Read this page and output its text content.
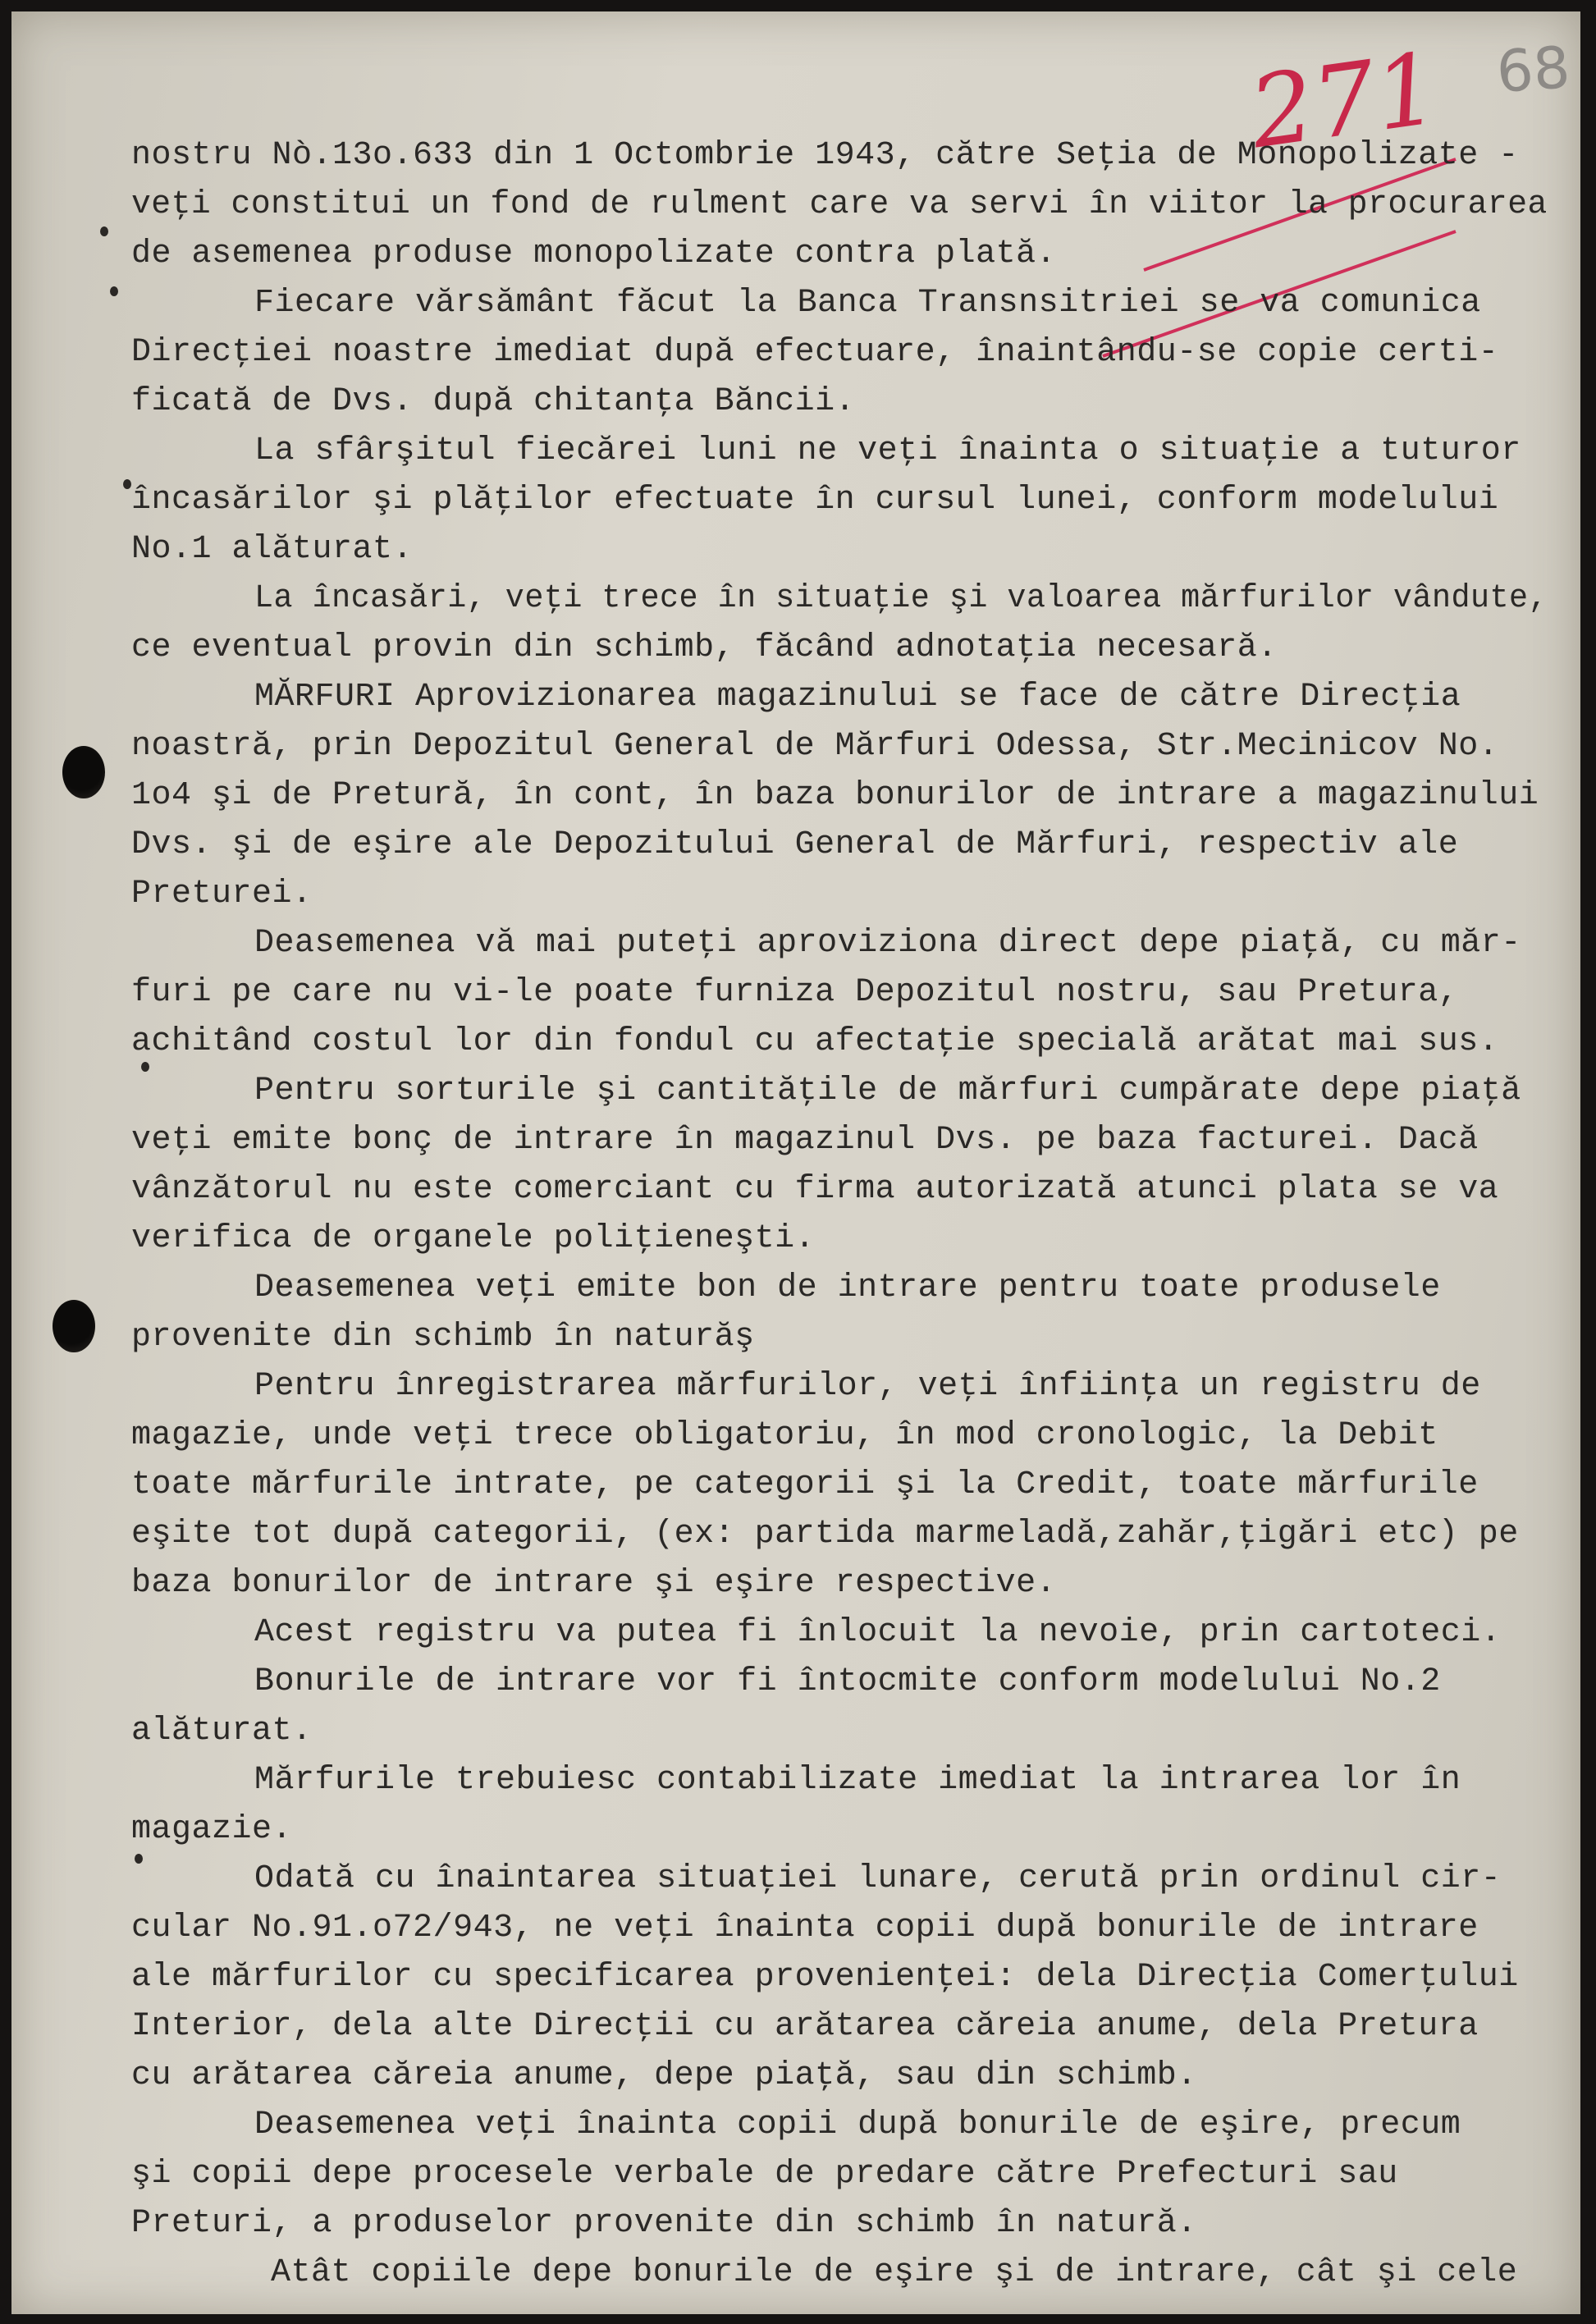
271 68
nostru Nò.13o.633 din 1 Octombrie 1943, către Seţia de Monopolizate -
veţi constitui un fond de rulment care va servi în viitor la procurarea
de asemenea produse monopolizate contra plată.
Fiecare vărsământ făcut la Banca Transnsitriei se va comunica
Direcţiei noastre imediat după efectuare, înaintându-se copie certi-
ficată de Dvs. după chitanţa Băncii.
La sfârşitul fiecărei luni ne veţi înainta o situaţie a tuturor
încasărilor şi plăţilor efectuate în cursul lunei, conform modelului
No.1 alăturat.
La încasări, veţi trece în situaţie şi valoarea mărfurilor vândute,
ce eventual provin din schimb, făcând adnotaţia necesară.
MĂRFURI Aprovizionarea magazinului se face de către Direcţia
noastră, prin Depozitul General de Mărfuri Odessa, Str.Mecinicov No.
1o4 şi de Pretură, în cont, în baza bonurilor de intrare a magazinului
Dvs. şi de eşire ale Depozitului General de Mărfuri, respectiv ale
Preturei.
Deasemenea vă mai puteţi aproviziona direct depe piaţă, cu măr-
furi pe care nu vi-le poate furniza Depozitul nostru, sau Pretura,
achitând costul lor din fondul cu afectaţie specială arătat mai sus.
Pentru sorturile şi cantităţile de mărfuri cumpărate depe piaţă
veţi emite bonç de intrare în magazinul Dvs. pe baza facturei. Dacă
vânzătorul nu este comerciant cu firma autorizată atunci plata se va
verifica de organele poliţieneşti.
Deasemenea veţi emite bon de intrare pentru toate produsele
provenite din schimb în naturăş
Pentru înregistrarea mărfurilor, veţi înfiinţa un registru de
magazie, unde veţi trece obligatoriu, în mod cronologic, la Debit
toate mărfurile intrate, pe categorii şi la Credit, toate mărfurile
eşite tot după categorii, (ex: partida marmeladă,zahăr,ţigări etc) pe
baza bonurilor de intrare şi eşire respective.
Acest registru va putea fi înlocuit la nevoie, prin cartoteci.
Bonurile de intrare vor fi întocmite conform modelului No.2
alăturat.
Mărfurile trebuiesc contabilizate imediat la intrarea lor în
magazie.
Odată cu înaintarea situaţiei lunare, cerută prin ordinul cir-
cular No.91.o72/943, ne veţi înainta copii după bonurile de intrare
ale mărfurilor cu specificarea provenienţei: dela Direcţia Comerţului
Interior, dela alte Direcţii cu arătarea căreia anume, dela Pretura
cu arătarea căreia anume, depe piaţă, sau din schimb.
Deasemenea veţi înainta copii după bonurile de eşire, precum
şi copii depe procesele verbale de predare către Prefecturi sau
Preturi, a produselor provenite din schimb în natură.
Atât copiile depe bonurile de eşire şi de intrare, cât şi cele
